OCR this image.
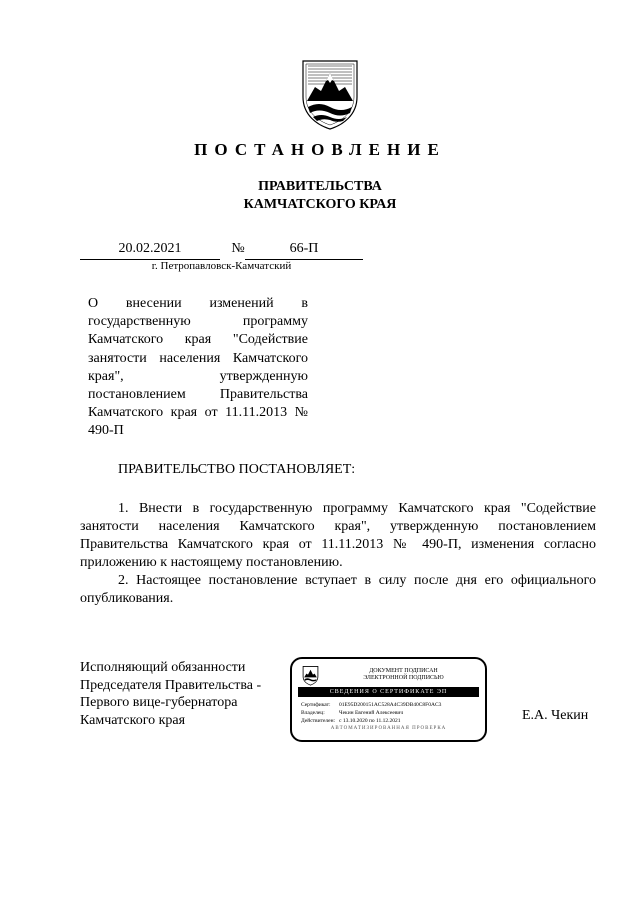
ПОСТАНОВЛЕНИЕ
ПРАВИТЕЛЬСТВА
КАМЧАТСКОГО КРАЯ
20.02.2021	№	66-П
г. Петропавловск-Камчатский
О внесении изменений в государственную программу Камчатского края "Содействие занятости населения Камчатского края", утвержденную постановлением Правительства Камчатского края от 11.11.2013 № 490-П
ПРАВИТЕЛЬСТВО ПОСТАНОВЛЯЕТ:

1. Внести в государственную программу Камчатского края "Содействие занятости населения Камчатского края", утвержденную постановлением Правительства Камчатского края от 11.11.2013 № 490-П, изменения согласно приложению к настоящему постановлению.

2. Настоящее постановление вступает в силу после дня его официального опубликования.

Исполняющий обязанности
Председателя Правительства -
Первого вице-губернатора
Камчатского края
ДОКУМЕНТ ПОДПИСАН
ЭЛЕКТРОННОЙ ПОДПИСЬЮ
СВЕДЕНИЯ О СЕРТИФИКАТЕ ЭП
Сертификат:	01E95D200151AC528A4C39DB40C8F0AC3
Владелец:	Чекин Евгений Алексеевич
Действителен: с 13.10.2020 по 11.12.2021
АВТОМАТИЗИРОВАННАЯ ПРОВЕРКА
Е.А. Чекин
